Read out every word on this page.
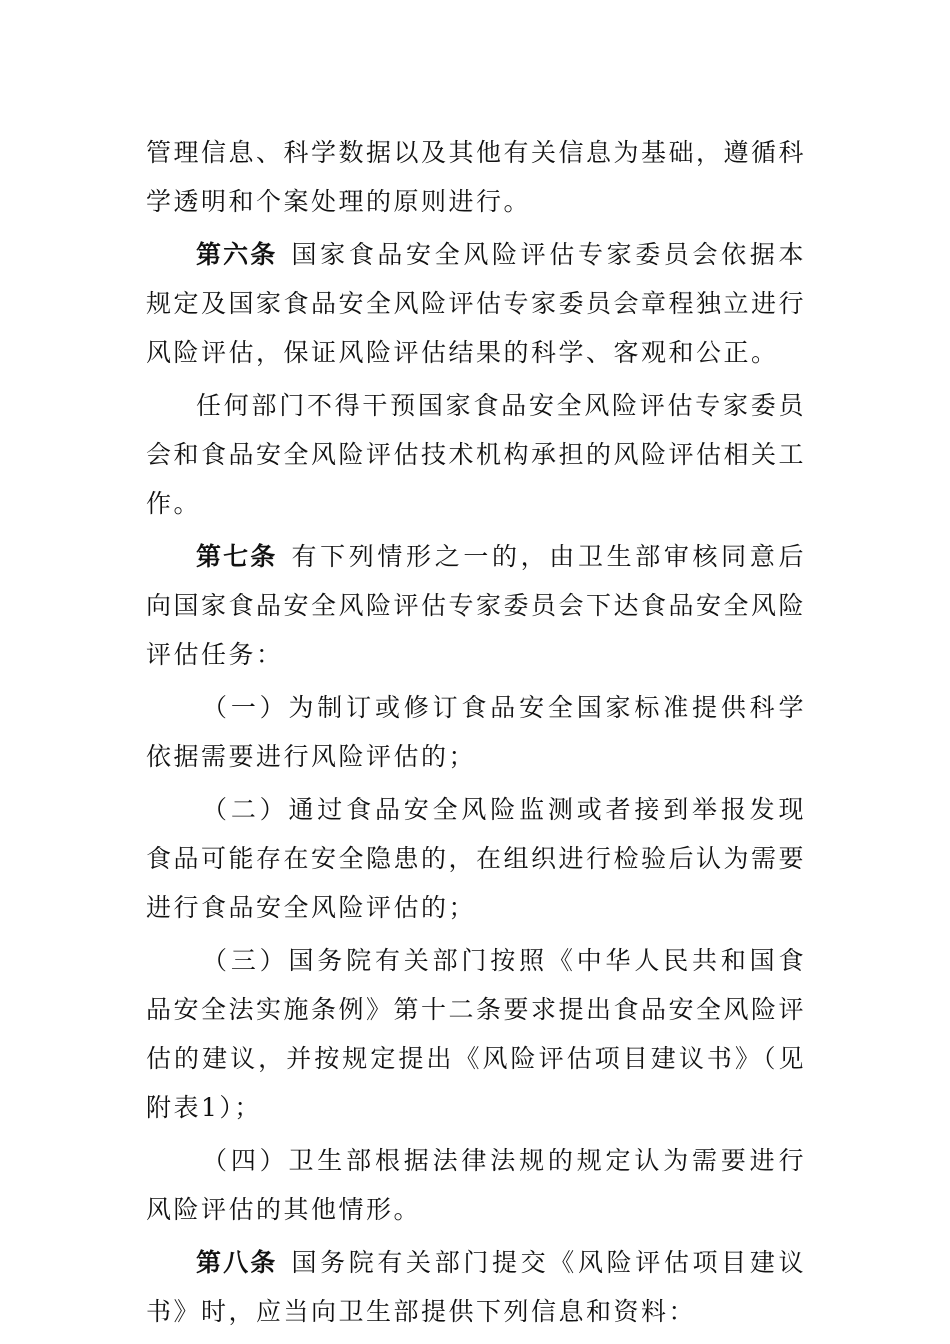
管理信息、科学数据以及其他有关信息为基础，遵循科学透明和个案处理的原则进行。

第六条 国家食品安全风险评估专家委员会依据本规定及国家食品安全风险评估专家委员会章程独立进行风险评估，保证风险评估结果的科学、客观和公正。

任何部门不得干预国家食品安全风险评估专家委员会和食品安全风险评估技术机构承担的风险评估相关工作。

第七条 有下列情形之一的，由卫生部审核同意后向国家食品安全风险评估专家委员会下达食品安全风险评估任务：

（一）为制订或修订食品安全国家标准提供科学依据需要进行风险评估的；

（二）通过食品安全风险监测或者接到举报发现食品可能存在安全隐患的，在组织进行检验后认为需要进行食品安全风险评估的；

（三）国务院有关部门按照《中华人民共和国食品安全法实施条例》第十二条要求提出食品安全风险评估的建议，并按规定提出《风险评估项目建议书》（见附表1）；

（四）卫生部根据法律法规的规定认为需要进行风险评估的其他情形。

第八条 国务院有关部门提交《风险评估项目建议书》时，应当向卫生部提供下列信息和资料：
